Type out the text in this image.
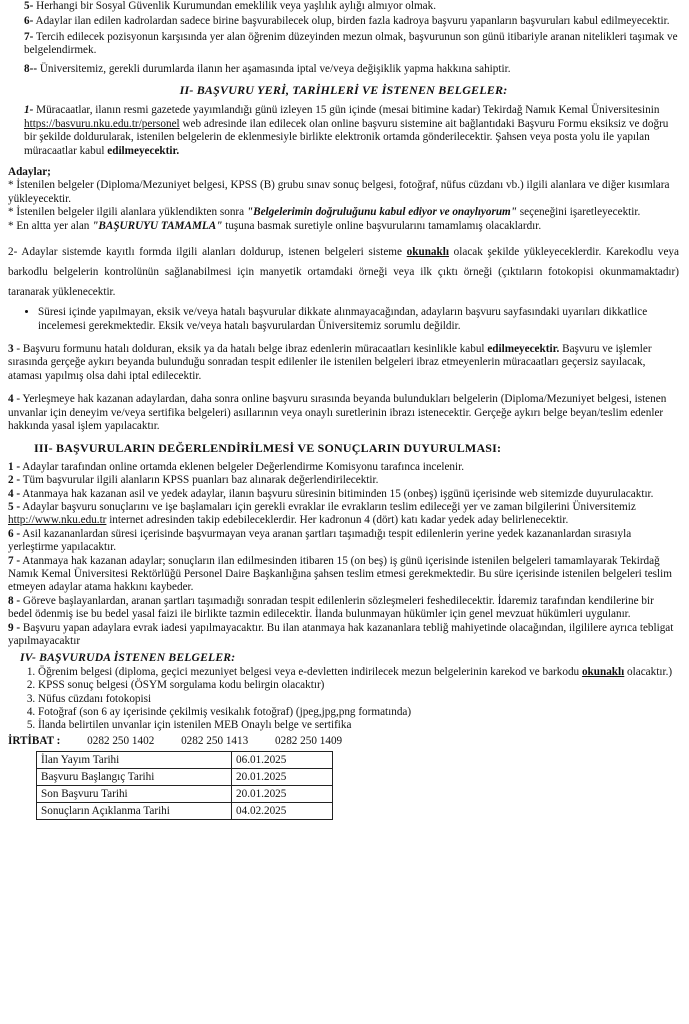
5- Herhangi bir Sosyal Güvenlik Kurumundan emeklilik veya yaşlılık aylığı almıyor olmak.

6- Adaylar ilan edilen kadrolardan sadece birine başvurabilecek olup, birden fazla kadroya başvuru yapanların başvuruları kabul edilmeyecektir.

7- Tercih edilecek pozisyonun karşısında yer alan öğrenim düzeyinden mezun olmak, başvurunun son günü itibariyle aranan nitelikleri taşımak ve belgelendirmek.

8-- Üniversitemiz, gerekli durumlarda ilanın her aşamasında iptal ve/veya değişiklik yapma hakkına sahiptir.

II- BAŞVURU YERİ, TARİHLERİ VE İSTENEN BELGELER:

1- Müracaatlar, ilanın resmi gazetede yayımlandığı günü izleyen 15 gün içinde (mesai bitimine kadar) Tekirdağ Namık Kemal Üniversitesinin https://basvuru.nku.edu.tr/personel web adresinde ilan edilecek olan online başvuru sistemine ait bağlantıdaki Başvuru Formu eksiksiz ve doğru bir şekilde doldurularak, istenilen belgelerin de eklenmesiyle birlikte elektronik ortamda gönderilecektir. Şahsen veya posta yolu ile yapılan müracaatlar kabul edilmeyecektir.

Adaylar;

* İstenilen belgeler (Diploma/Mezuniyet belgesi, KPSS (B) grubu sınav sonuç belgesi, fotoğraf, nüfus cüzdanı vb.) ilgili alanlara ve diğer kısımlara yükleyecektir.

* İstenilen belgeler ilgili alanlara yüklendikten sonra "Belgelerimin doğruluğunu kabul ediyor ve onaylıyorum" seçeneğini işaretleyecektir.

* En altta yer alan "BAŞURUYU TAMAMLA" tuşuna basmak suretiyle online başvurularını tamamlamış olacaklardır.

2- Adaylar sistemde kayıtlı formda ilgili alanları doldurup, istenen belgeleri sisteme okunaklı olacak şekilde yükleyeceklerdir. Karekodlu veya barkodlu belgelerin kontrolünün sağlanabilmesi için manyetik ortamdaki örneği veya ilk çıktı örneği (çıktıların fotokopisi okunmamaktadır) taranarak yüklenecektir.

• Süresi içinde yapılmayan, eksik ve/veya hatalı başvurular dikkate alınmayacağından, adayların başvuru sayfasındaki uyarıları dikkatlice incelemesi gerekmektedir. Eksik ve/veya hatalı başvurulardan Üniversitemiz sorumlu değildir.

3 - Başvuru formunu hatalı dolduran, eksik ya da hatalı belge ibraz edenlerin müracaatları kesinlikle kabul edilmeyecektir. Başvuru ve işlemler sırasında gerçeğe aykırı beyanda bulunduğu sonradan tespit edilenler ile istenilen belgeleri ibraz etmeyenlerin müracaatları geçersiz sayılacak, ataması yapılmış olsa dahi iptal edilecektir.

4 - Yerleşmeye hak kazanan adaylardan, daha sonra online başvuru sırasında beyanda bulundukları belgelerin (Diploma/Mezuniyet belgesi, istenen unvanlar için deneyim ve/veya sertifika belgeleri) asıllarının veya onaylı suretlerinin ibrazı istenecektir. Gerçeğe aykırı belge beyan/teslim edenler hakkında yasal işlem yapılacaktır.

III- BAŞVURULARIN DEĞERLENDİRİLMESİ VE SONUÇLARIN DUYURULMASI:

1 - Adaylar tarafından online ortamda eklenen belgeler Değerlendirme Komisyonu tarafınca incelenir.

2 - Tüm başvurular ilgili alanların KPSS puanları baz alınarak değerlendirilecektir.

4 - Atanmaya hak kazanan asil ve yedek adaylar, ilanın başvuru süresinin bitiminden 15 (onbeş) işgünü içerisinde web sitemizde duyurulacaktır.

5 - Adaylar başvuru sonuçlarını ve işe başlamaları için gerekli evraklar ile evrakların teslim edileceği yer ve zaman bilgilerini Üniversitemiz http://www.nku.edu.tr internet adresinden takip edebileceklerdir. Her kadronun 4 (dört) katı kadar yedek aday belirlenecektir.

6 - Asil kazananlardan süresi içerisinde başvurmayan veya aranan şartları taşımadığı tespit edilenlerin yerine yedek kazananlardan sırasıyla yerleştirme yapılacaktır.

7 - Atanmaya hak kazanan adaylar; sonuçların ilan edilmesinden itibaren 15 (on beş) iş günü içerisinde istenilen belgeleri tamamlayarak Tekirdağ Namık Kemal Üniversitesi Rektörlüğü Personel Daire Başkanlığına şahsen teslim etmesi gerekmektedir. Bu süre içerisinde istenilen belgeleri teslim etmeyen adaylar atama hakkını kaybeder.

8 - Göreve başlayanlardan, aranan şartları taşımadığı sonradan tespit edilenlerin sözleşmeleri feshedilecektir. İdaremiz tarafından kendilerine bir bedel ödenmiş ise bu bedel yasal faizi ile birlikte tazmin edilecektir. İlanda bulunmayan hükümler için genel mevzuat hükümleri uygulanır.

9 - Başvuru yapan adaylara evrak iadesi yapılmayacaktır. Bu ilan atanmaya hak kazananlara tebliğ mahiyetinde olacağından, ilgililere ayrıca tebligat yapılmayacaktır

IV- BAŞVURUDA İSTENEN BELGELER:
1. Öğrenim belgesi (diploma, geçici mezuniyet belgesi veya e-devletten indirilecek mezun belgelerinin karekod ve barkodu okunaklı olacaktır.)
2. KPSS sonuç belgesi (ÖSYM sorgulama kodu belirgin olacaktır)
3. Nüfus cüzdanı fotokopisi
4. Fotoğraf (son 6 ay içerisinde çekilmiş vesikalık fotoğraf) (jpeg,jpg,png formatında)
5. İlanda belirtilen unvanlar için istenilen MEB Onaylı belge ve sertifika

İRTİBAT : 0282 250 1402 0282 250 1413 0282 250 1409

İlan Yayım Tarihi	06.01.2025
Başvuru Başlangıç Tarihi	20.01.2025
Son Başvuru Tarihi	20.01.2025
Sonuçların Açıklanma Tarihi	04.02.2025
